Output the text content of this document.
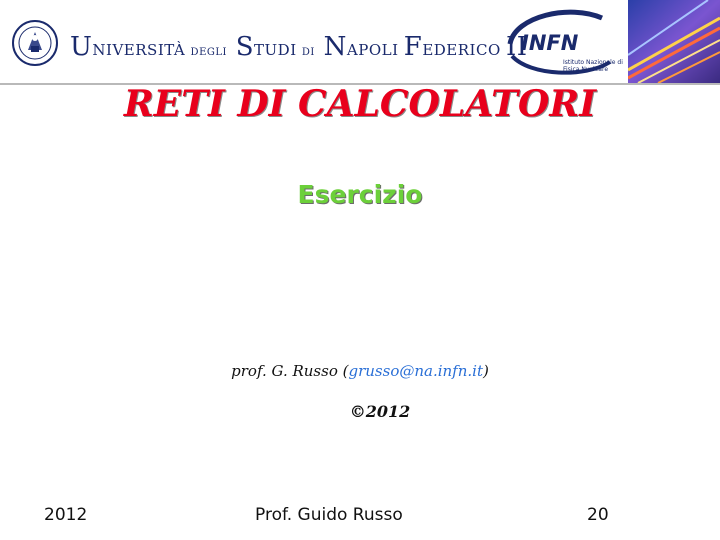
UNIVERSITÀ DEGLI STUDI DI NAPOLI FEDERICO II
INFN
Istituto Nazionale di Fisica Nucleare
RETI DI CALCOLATORI
Esercizio
prof. G. Russo (grusso@na.infn.it)
©2012
2012	Prof. Guido Russo	20
